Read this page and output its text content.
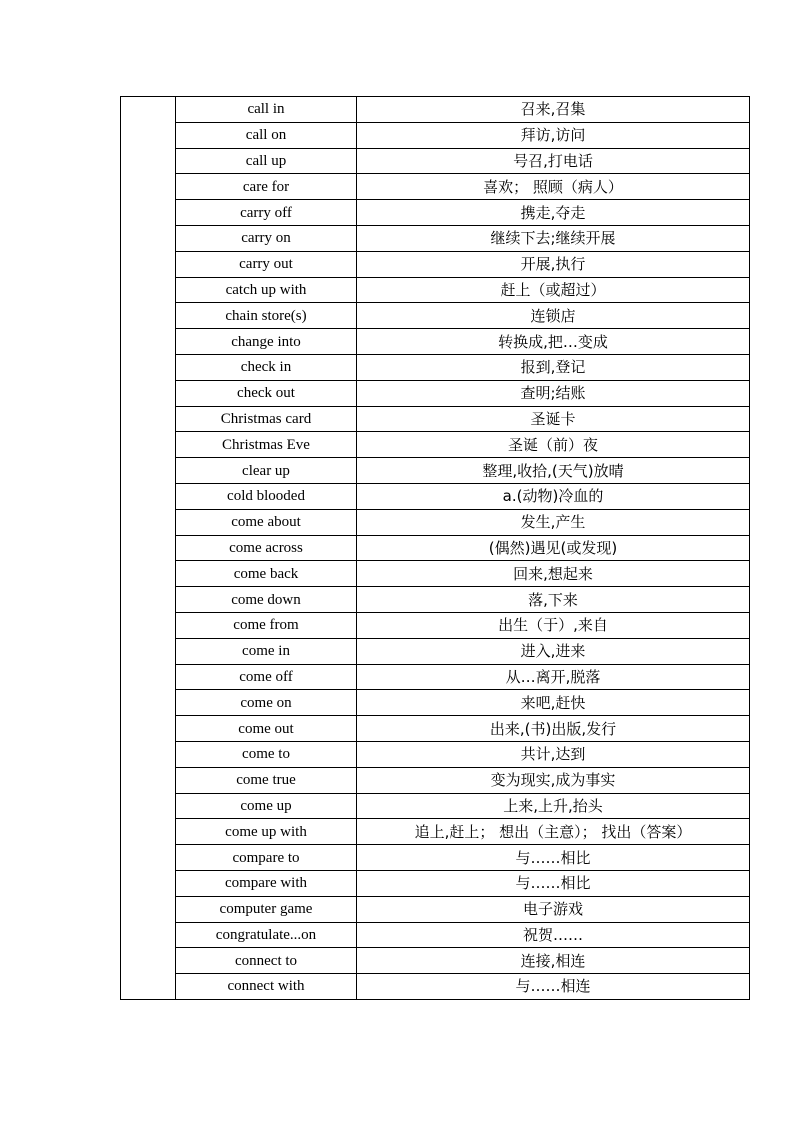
	call in	召来,召集
	call on	拜访,访问
	call up	号召,打电话
	care for	喜欢； 照顾（病人）
	carry off	携走,夺走
	carry on	继续下去;继续开展
	carry out	开展,执行
	catch up with	赶上（或超过）
	chain store(s)	连锁店
	change into	转换成,把…变成
	check in	报到,登记
	check out	查明;结账
	Christmas card	圣诞卡
	Christmas Eve	圣诞（前）夜
	clear up	整理,收拾,(天气)放晴
	cold blooded	a.(动物)冷血的
	come about	发生,产生
	come across	(偶然)遇见(或发现)
	come back	回来,想起来
	come down	落,下来
	come from	出生（于）,来自
	come in	进入,进来
	come off	从…离开,脱落
	come on	来吧,赶快
	come out	出来,(书)出版,发行
	come to	共计,达到
	come true	变为现实,成为事实
	come up	上来,上升,抬头
	come up with	追上,赶上； 想出（主意）； 找出（答案）
	compare to	与……相比
	compare with	与……相比
	computer game	电子游戏
	congratulate...on	祝贺……
	connect to	连接,相连
	connect with	与……相连
